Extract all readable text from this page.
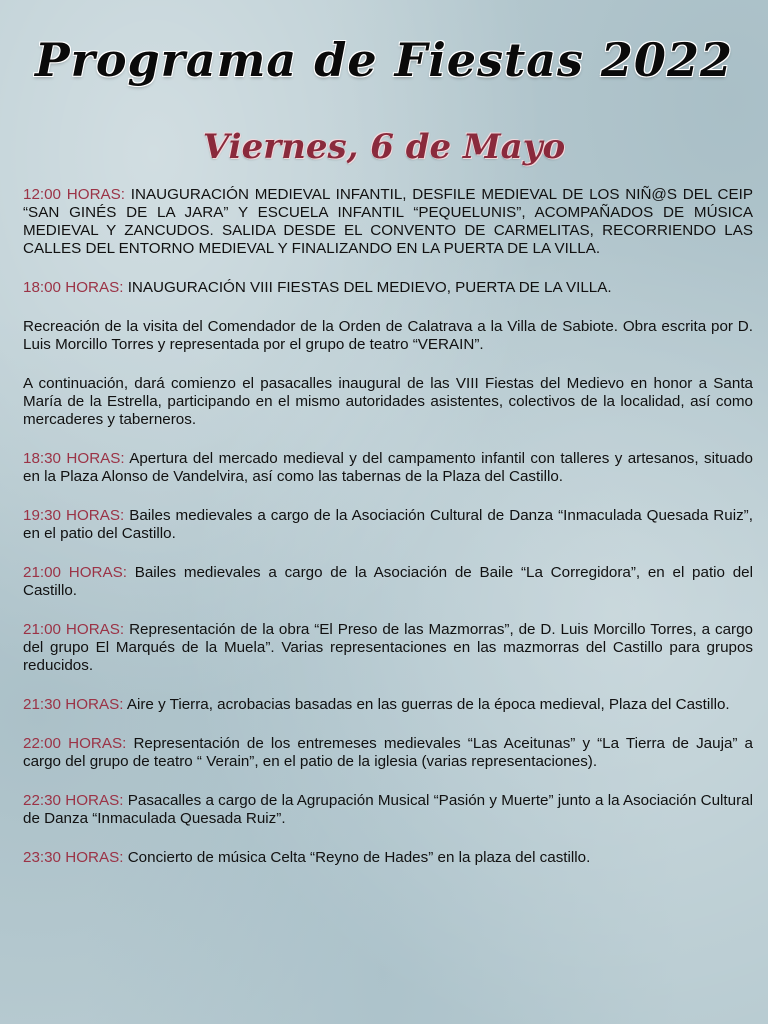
Programa de Fiestas 2022
Viernes, 6 de Mayo

12:00 HORAS: INAUGURACIÓN MEDIEVAL INFANTIL, DESFILE MEDIEVAL DE LOS NIÑ@S DEL CEIP “SAN GINÉS DE LA JARA” Y ESCUELA INFANTIL “PEQUELUNIS”, ACOMPAÑADOS DE MÚSICA MEDIEVAL Y ZANCUDOS. SALIDA DESDE EL CONVENTO DE CARMELITAS, RECORRIENDO LAS CALLES DEL ENTORNO MEDIEVAL Y FINALIZANDO EN LA PUERTA DE LA VILLA.

18:00 HORAS: INAUGURACIÓN VIII FIESTAS DEL MEDIEVO, PUERTA DE LA VILLA.

Recreación de la visita del Comendador de la Orden de Calatrava a la Villa de Sabiote. Obra escrita por D. Luis Morcillo Torres y representada por el grupo de teatro “VERAIN”.

A continuación, dará comienzo el pasacalles inaugural de las VIII Fiestas del Medievo en honor a Santa María de la Estrella, participando en el mismo autoridades asistentes, colectivos de la localidad, así como mercaderes y taberneros.

18:30 HORAS: Apertura del mercado medieval y del campamento infantil con talleres y artesanos, situado en la Plaza Alonso de Vandelvira, así como las tabernas de la Plaza del Castillo.

19:30 HORAS: Bailes medievales a cargo de la Asociación Cultural de Danza “Inmaculada Quesada Ruiz”, en el patio del Castillo.

21:00 HORAS: Bailes medievales a cargo de la Asociación de Baile “La Corregidora”, en el patio del Castillo.

21:00 HORAS: Representación de la obra “El Preso de las Mazmorras”, de D. Luis Morcillo Torres, a cargo del grupo El Marqués de la Muela”. Varias representaciones en las mazmorras del Castillo para grupos reducidos.

21:30 HORAS: Aire y Tierra, acrobacias basadas en las guerras de la época medieval, Plaza del Castillo.

22:00 HORAS: Representación de los entremeses medievales “Las Aceitunas” y “La Tierra de Jauja” a cargo del grupo de teatro “ Verain”, en el patio de la iglesia (varias representaciones).

22:30 HORAS: Pasacalles a cargo de la Agrupación Musical “Pasión y Muerte” junto a la Asociación Cultural de Danza “Inmaculada Quesada Ruiz”.

23:30 HORAS: Concierto de música Celta “Reyno de Hades” en la plaza del castillo.
